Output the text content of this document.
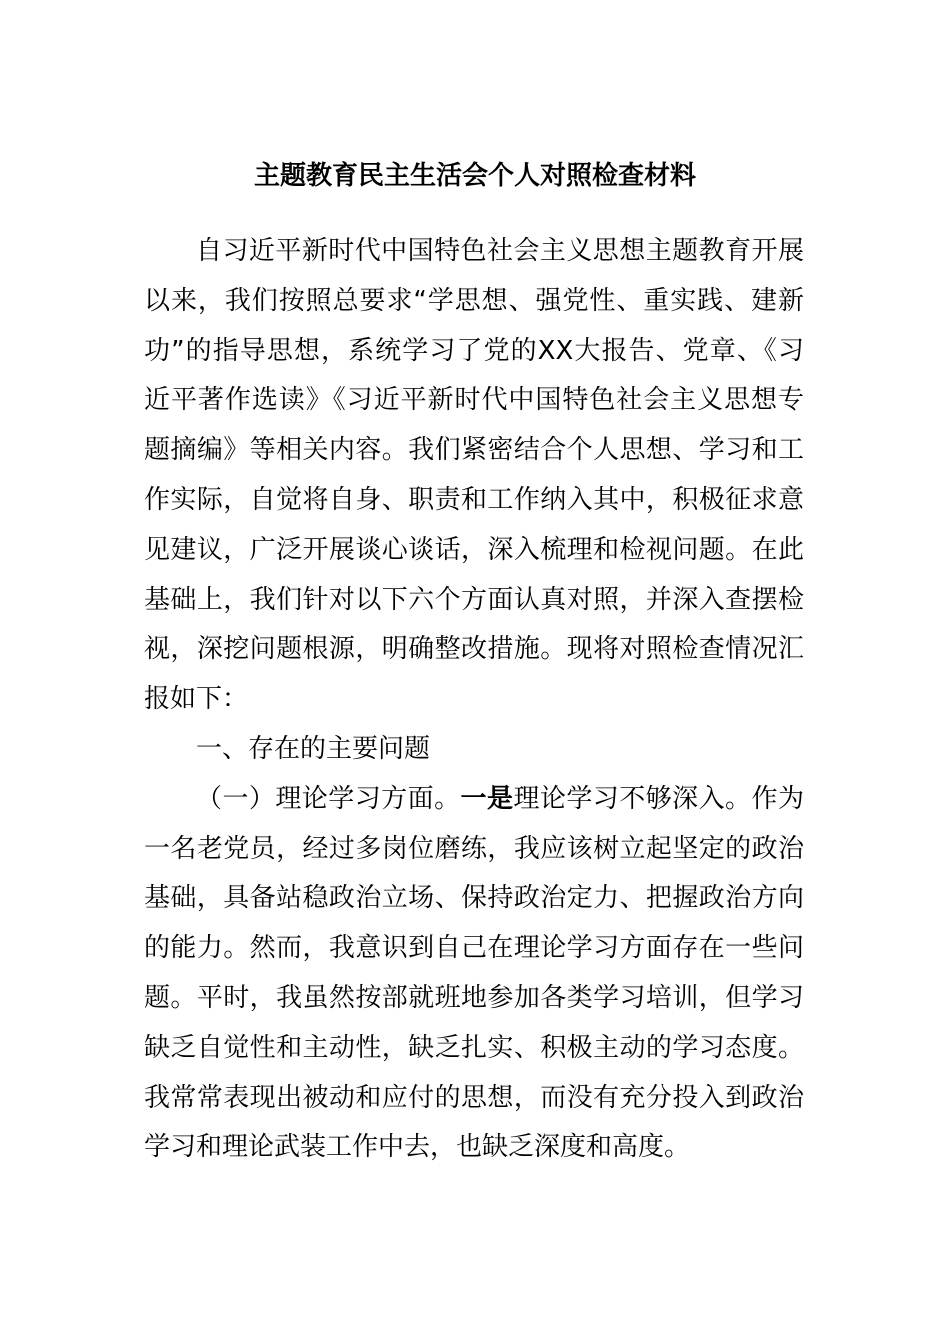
主题教育民主生活会个人对照检查材料

自习近平新时代中国特色社会主义思想主题教育开展以来，我们按照总要求“学思想、强党性、重实践、建新功”的指导思想，系统学习了党的XX大报告、党章、《习近平著作选读》《习近平新时代中国特色社会主义思想专题摘编》等相关内容。我们紧密结合个人思想、学习和工作实际，自觉将自身、职责和工作纳入其中，积极征求意见建议，广泛开展谈心谈话，深入梳理和检视问题。在此基础上，我们针对以下六个方面认真对照，并深入查摆检视，深挖问题根源，明确整改措施。现将对照检查情况汇报如下：

一、存在的主要问题

（一）理论学习方面。一是理论学习不够深入。作为一名老党员，经过多岗位磨练，我应该树立起坚定的政治基础，具备站稳政治立场、保持政治定力、把握政治方向的能力。然而，我意识到自己在理论学习方面存在一些问题。平时，我虽然按部就班地参加各类学习培训，但学习缺乏自觉性和主动性，缺乏扎实、积极主动的学习态度。我常常表现出被动和应付的思想，而没有充分投入到政治学习和理论武装工作中去，也缺乏深度和高度。
